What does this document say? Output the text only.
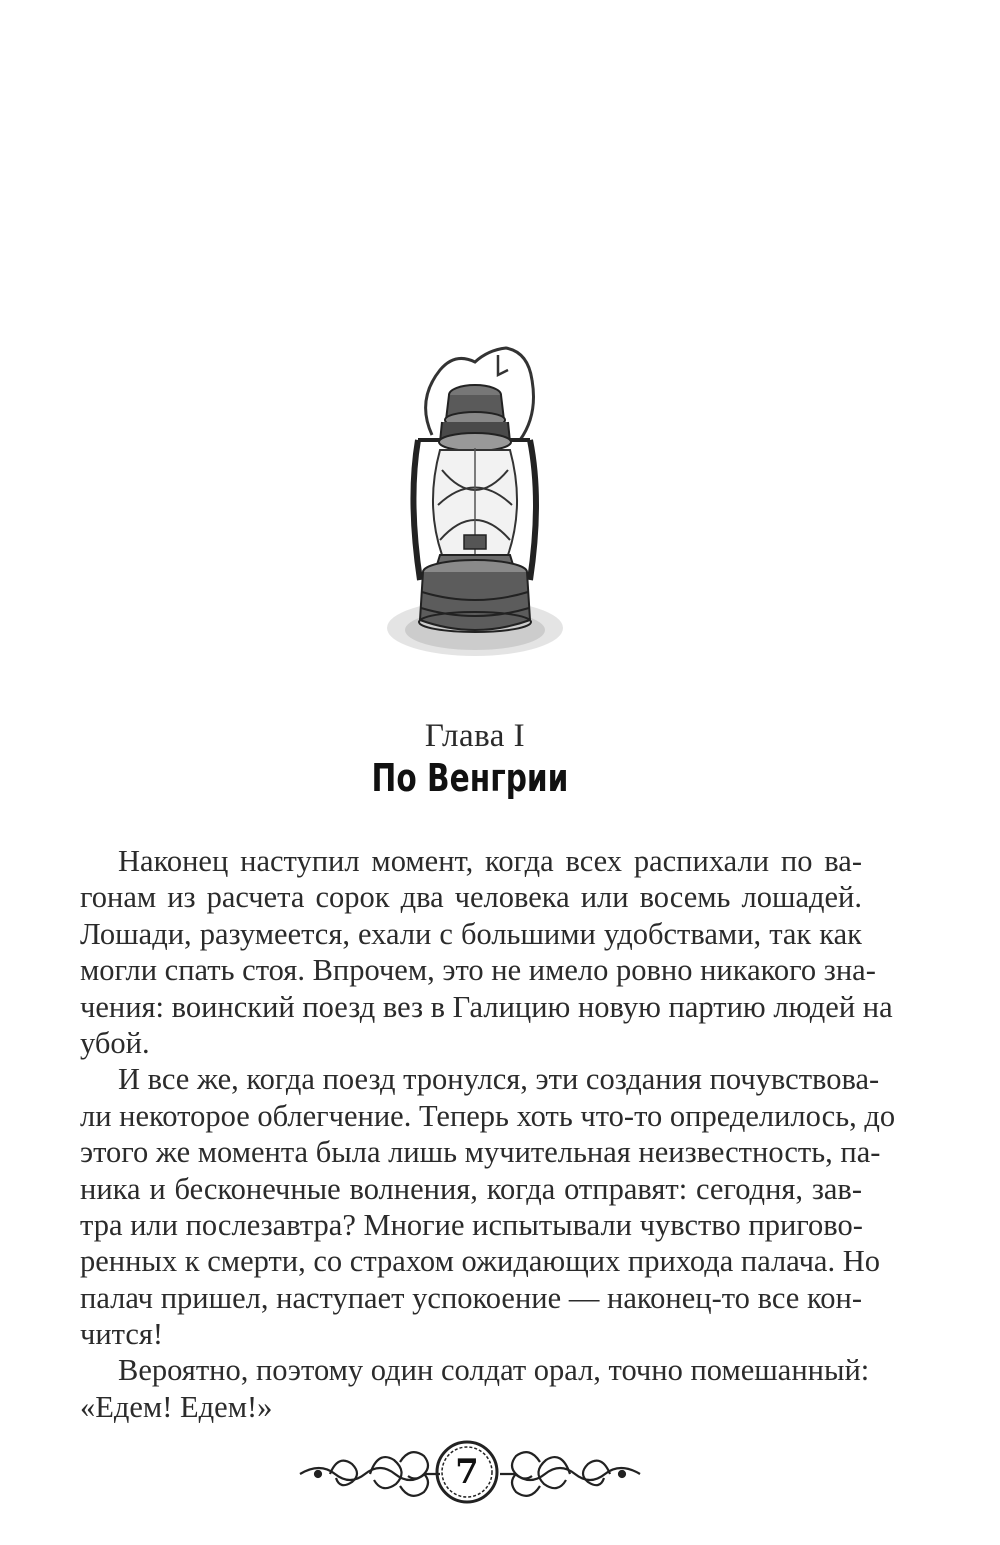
Глава I
По Венгрии
Наконец наступил момент, когда всех распихали по ва-
гонам из расчета сорок два человека или восемь лошадей.
Лошади, разумеется, ехали с большими удобствами, так как
могли спать стоя. Впрочем, это не имело ровно никакого зна-
чения: воинский поезд вез в Галицию новую партию людей на
убой.
И все же, когда поезд тронулся, эти создания почувствова-
ли некоторое облегчение. Теперь хоть что-то определилось, до
этого же момента была лишь мучительная неизвестность, па-
ника и бесконечные волнения, когда отправят: сегодня, зав-
тра или послезавтра? Многие испытывали чувство пригово-
ренных к смерти, со страхом ожидающих прихода палача. Но
палач пришел, наступает успокоение — наконец-то все кон-
чится!
Вероятно, поэтому один солдат орал, точно помешанный:
«Едем! Едем!»
7
